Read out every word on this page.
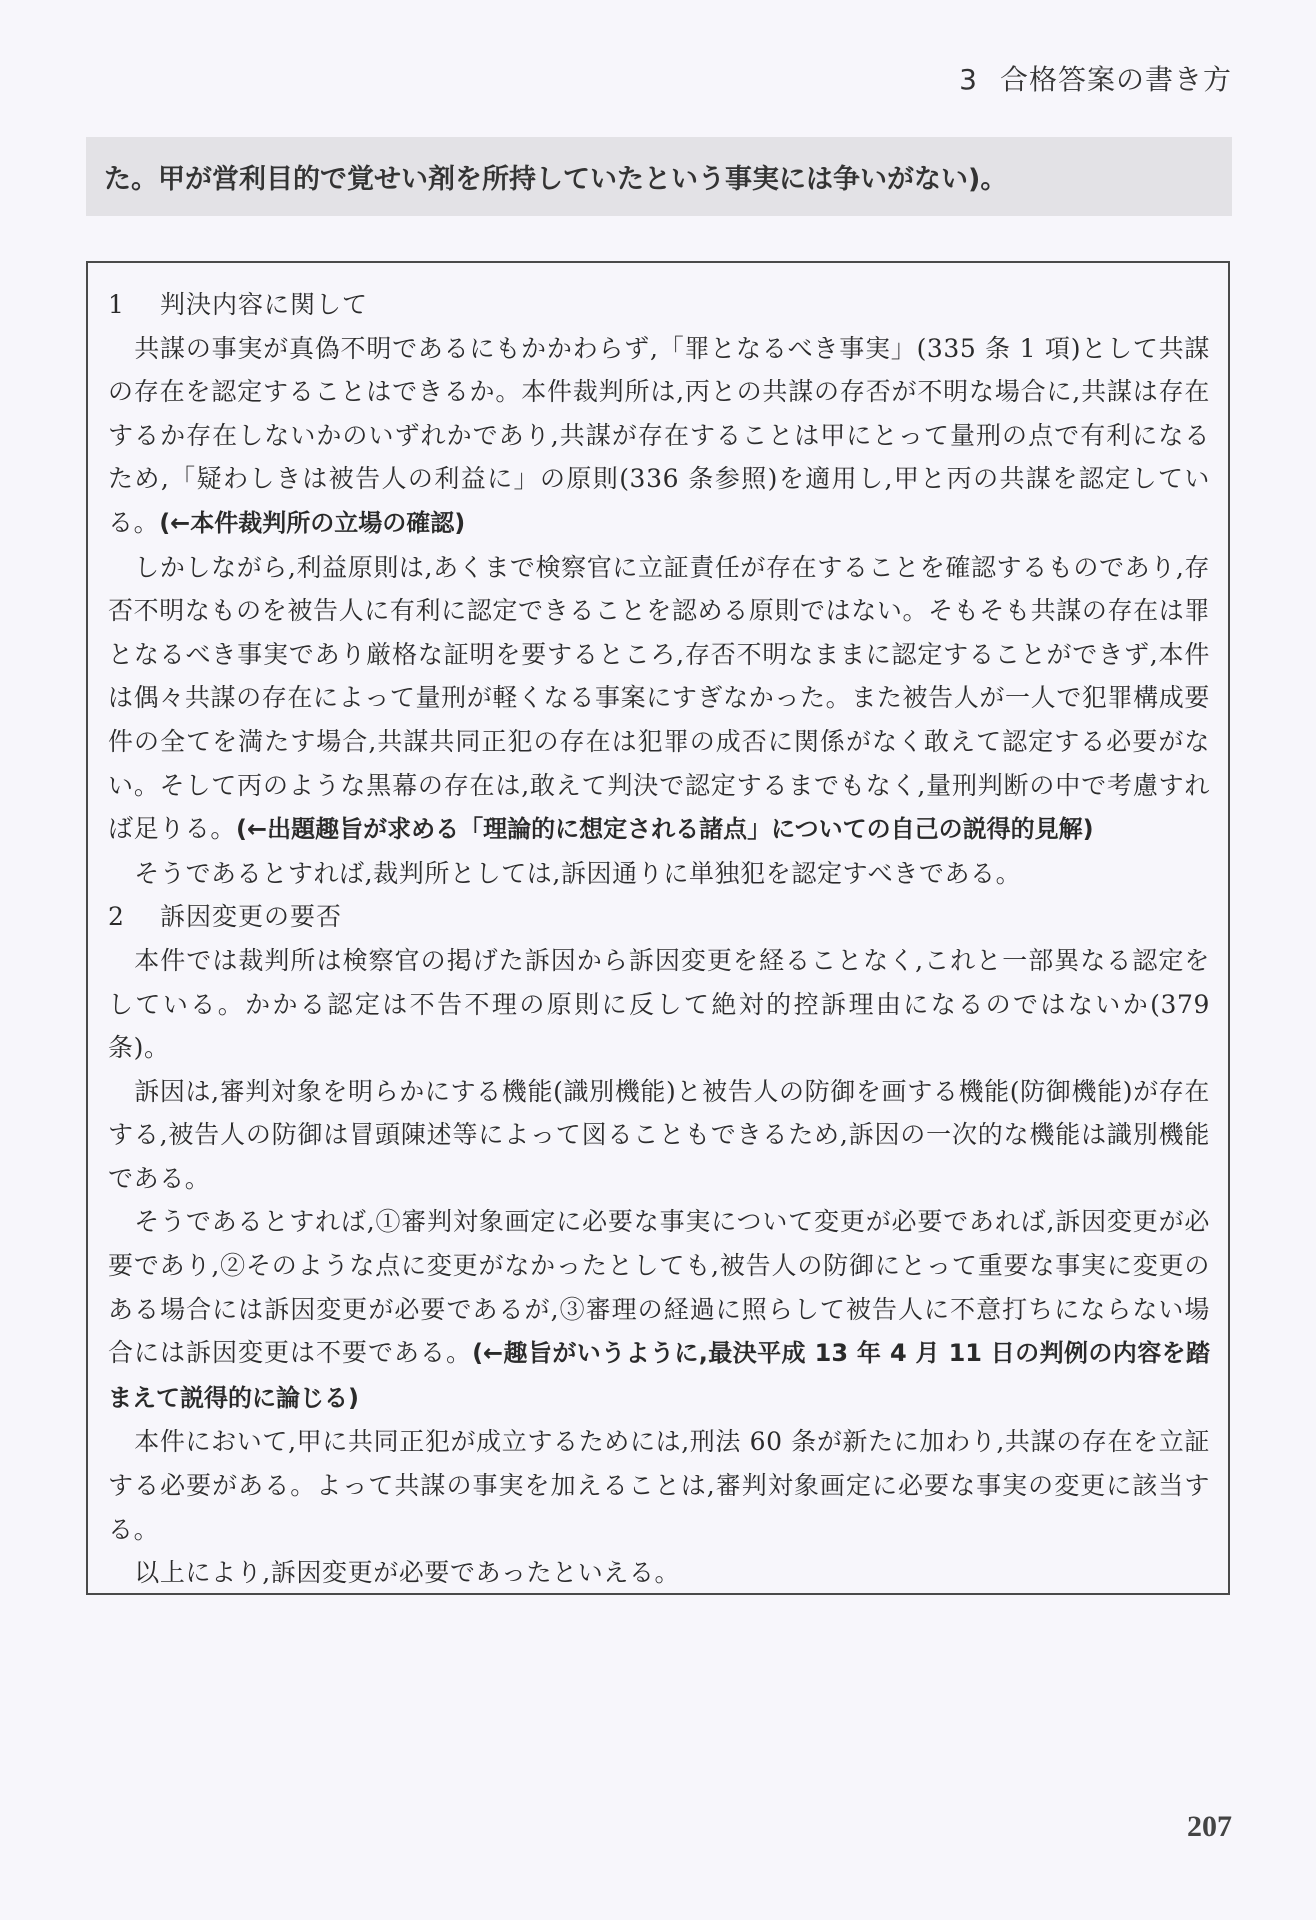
3 合格答案の書き方
た。甲が営利目的で覚せい剤を所持していたという事実には争いがない)。

1 判決内容に関して

共謀の事実が真偽不明であるにもかかわらず,「罪となるべき事実」(335 条 1 項)として共謀の存在を認定することはできるか。本件裁判所は,丙との共謀の存否が不明な場合に,共謀は存在するか存在しないかのいずれかであり,共謀が存在することは甲にとって量刑の点で有利になるため,「疑わしきは被告人の利益に」の原則(336 条参照)を適用し,甲と丙の共謀を認定している。(←本件裁判所の立場の確認)

しかしながら,利益原則は,あくまで検察官に立証責任が存在することを確認するものであり,存否不明なものを被告人に有利に認定できることを認める原則ではない。そもそも共謀の存在は罪となるべき事実であり厳格な証明を要するところ,存否不明なままに認定することができず,本件は偶々共謀の存在によって量刑が軽くなる事案にすぎなかった。また被告人が一人で犯罪構成要件の全てを満たす場合,共謀共同正犯の存在は犯罪の成否に関係がなく敢えて認定する必要がない。そして丙のような黒幕の存在は,敢えて判決で認定するまでもなく,量刑判断の中で考慮すれば足りる。(←出題趣旨が求める「理論的に想定される諸点」についての自己の説得的見解)

そうであるとすれば,裁判所としては,訴因通りに単独犯を認定すべきである。

2 訴因変更の要否

本件では裁判所は検察官の掲げた訴因から訴因変更を経ることなく,これと一部異なる認定をしている。かかる認定は不告不理の原則に反して絶対的控訴理由になるのではないか(379 条)。

訴因は,審判対象を明らかにする機能(識別機能)と被告人の防御を画する機能(防御機能)が存在する,被告人の防御は冒頭陳述等によって図ることもできるため,訴因の一次的な機能は識別機能である。

そうであるとすれば,①審判対象画定に必要な事実について変更が必要であれば,訴因変更が必要であり,②そのような点に変更がなかったとしても,被告人の防御にとって重要な事実に変更のある場合には訴因変更が必要であるが,③審理の経過に照らして被告人に不意打ちにならない場合には訴因変更は不要である。(←趣旨がいうように,最決平成 13 年 4 月 11 日の判例の内容を踏まえて説得的に論じる)

本件において,甲に共同正犯が成立するためには,刑法 60 条が新たに加わり,共謀の存在を立証する必要がある。よって共謀の事実を加えることは,審判対象画定に必要な事実の変更に該当する。

以上により,訴因変更が必要であったといえる。

207
